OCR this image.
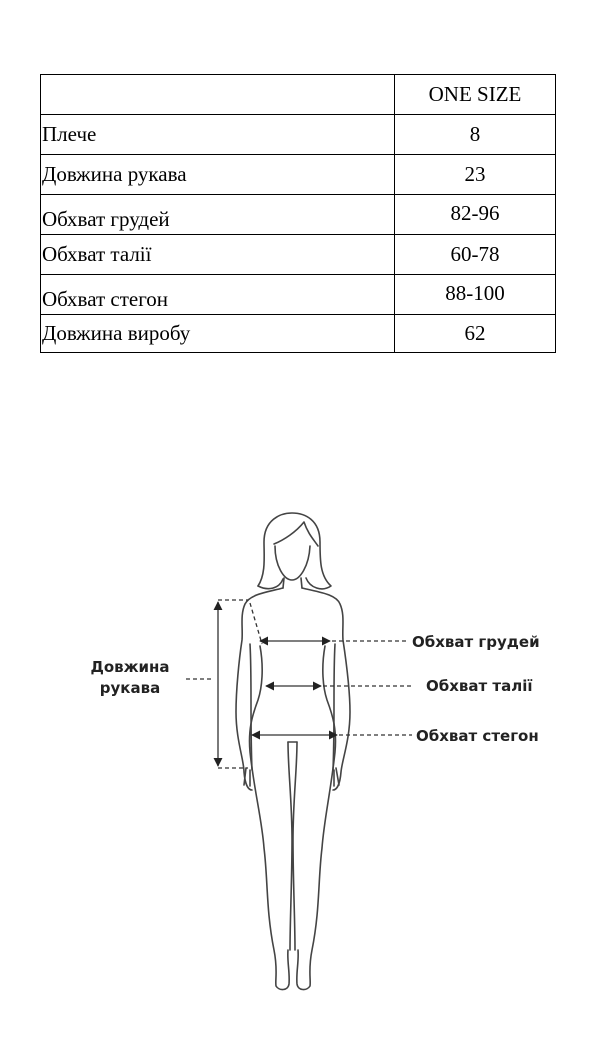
	ONE SIZE
Плече	8
Довжина рукава	23
Обхват грудей	82-96
Обхват талії	60-78
Обхват стегон	88-100
Довжина виробу	62
Довжина
рукава
Обхват грудей
Обхват талії
Обхват стегон
